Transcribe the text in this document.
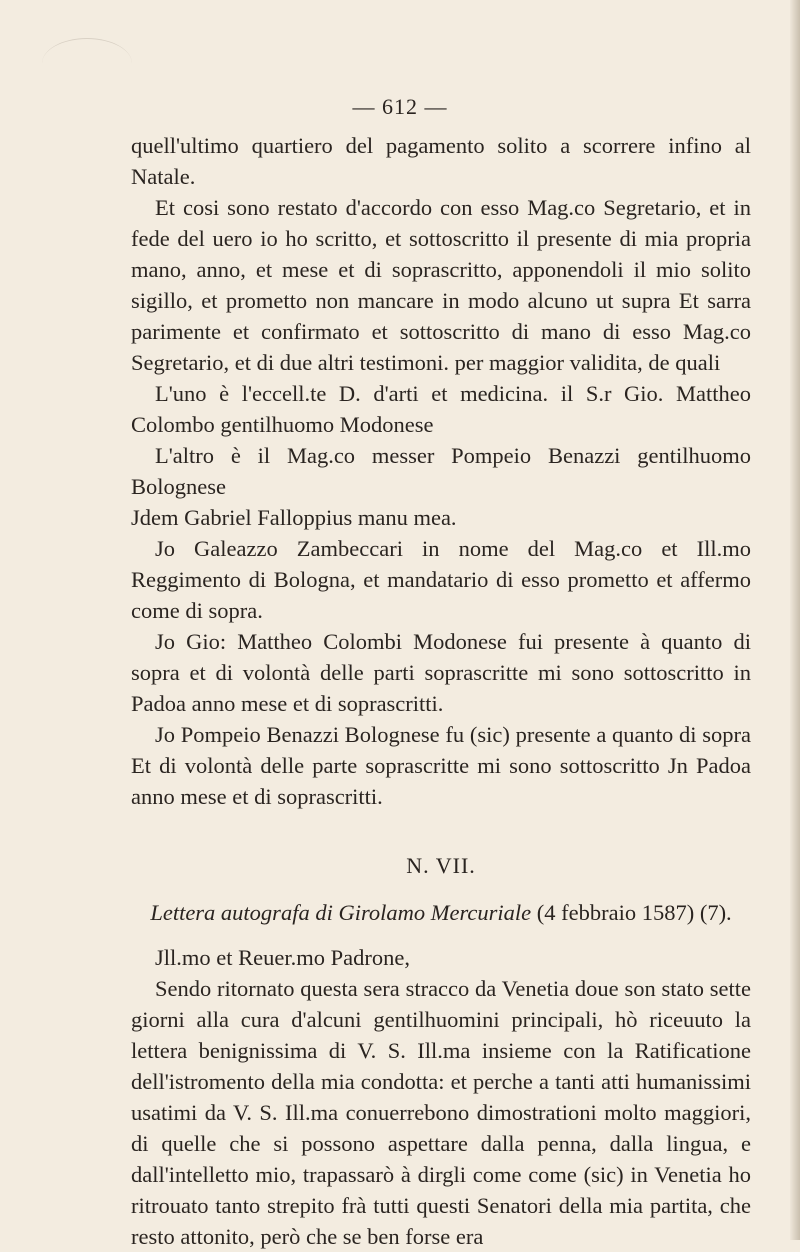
— 612 —

quell'ultimo quartiero del pagamento solito a scorrere infino al Natale.

Et cosi sono restato d'accordo con esso Mag.co Segretario, et in fede del uero io ho scritto, et sottoscritto il presente di mia propria mano, anno, et mese et di soprascritto, apponendoli il mio solito sigillo, et prometto non mancare in modo alcuno ut supra Et sarra parimente et confirmato et sottoscritto di mano di esso Mag.co Segretario, et di due altri testimoni. per maggior validita, de quali

L'uno è l'eccell.te D. d'arti et medicina. il S.r Gio. Mattheo Colombo gentilhuomo Modonese

L'altro è il Mag.co messer Pompeio Benazzi gentilhuomo Bolognese

Jdem Gabriel Falloppius manu mea.

Jo Galeazzo Zambeccari in nome del Mag.co et Ill.mo Reggimento di Bologna, et mandatario di esso prometto et affermo come di sopra.

Jo Gio: Mattheo Colombi Modonese fui presente à quanto di sopra et di volontà delle parti soprascritte mi sono sottoscritto in Padoa anno mese et di soprascritti.

Jo Pompeio Benazzi Bolognese fu (sic) presente a quanto di sopra Et di volontà delle parte soprascritte mi sono sottoscritto Jn Padoa anno mese et di soprascritti.

N. VII.
Lettera autografa di Girolamo Mercuriale (4 febbraio 1587) (7).

Jll.mo et Reuer.mo Padrone,

Sendo ritornato questa sera stracco da Venetia doue son stato sette giorni alla cura d'alcuni gentilhuomini principali, hò riceuuto la lettera benignissima di V. S. Ill.ma insieme con la Ratificatione dell'istromento della mia condotta: et perche a tanti atti humanissimi usatimi da V. S. Ill.ma conuerrebono dimostrationi molto maggiori, di quelle che si possono aspettare dalla penna, dalla lingua, e dall'intelletto mio, trapassarò à dirgli come come (sic) in Venetia ho ritrouato tanto strepito frà tutti questi Senatori della mia partita, che resto attonito, però che se ben forse era
